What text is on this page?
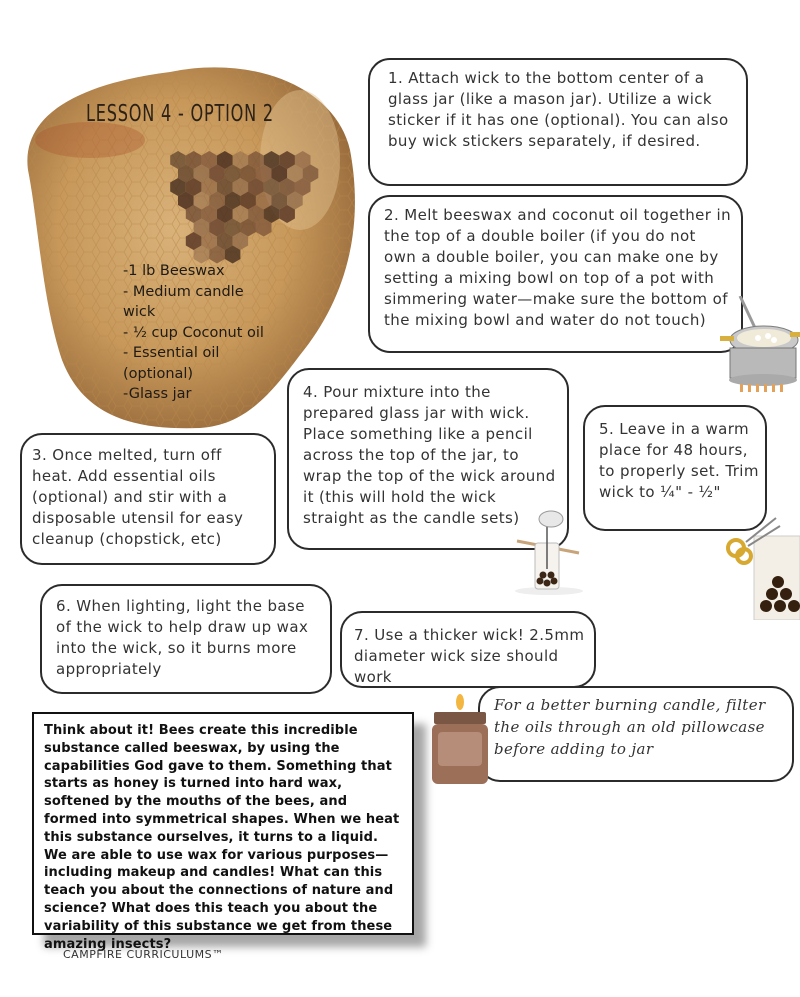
LESSON 4 - OPTION 2
-1 lb Beeswax
- Medium candle wick
- ½ cup Coconut oil
- Essential oil (optional)
-Glass jar

1. Attach wick to the bottom center of a glass jar (like a mason jar). Utilize a wick sticker if it has one (optional). You can also buy wick stickers separately, if desired.

2. Melt beeswax and coconut oil together in the top of a double boiler (if you do not own a double boiler, you can make one by setting a mixing bowl on top of a pot with simmering water—make sure the bottom of the mixing bowl and water do not touch)

3. Once melted, turn off heat. Add essential oils (optional) and stir with a disposable utensil for easy cleanup (chopstick, etc)

4. Pour mixture into the prepared glass jar with wick. Place something like a pencil across the top of the jar, to wrap the top of the wick around it (this will hold the wick straight as the candle sets)

5. Leave in a warm place for 48 hours, to properly set. Trim wick to ¼" - ½"

6. When lighting, light the base of the wick to help draw up wax into the wick, so it burns more appropriately

7. Use a thicker wick! 2.5mm diameter wick size should work

For a better burning candle, filter the oils through an old pillowcase before adding to jar

Think about it! Bees create this incredible substance called beeswax, by using the capabilities God gave to them. Something that starts as honey is turned into hard wax, softened by the mouths of the bees, and formed into symmetrical shapes. When we heat this substance ourselves, it turns to a liquid. We are able to use wax for various purposes—including makeup and candles! What can this teach you about the connections of nature and science? What does this teach you about the variability of this substance we get from these amazing insects?
CAMPFIRE CURRICULUMS™
